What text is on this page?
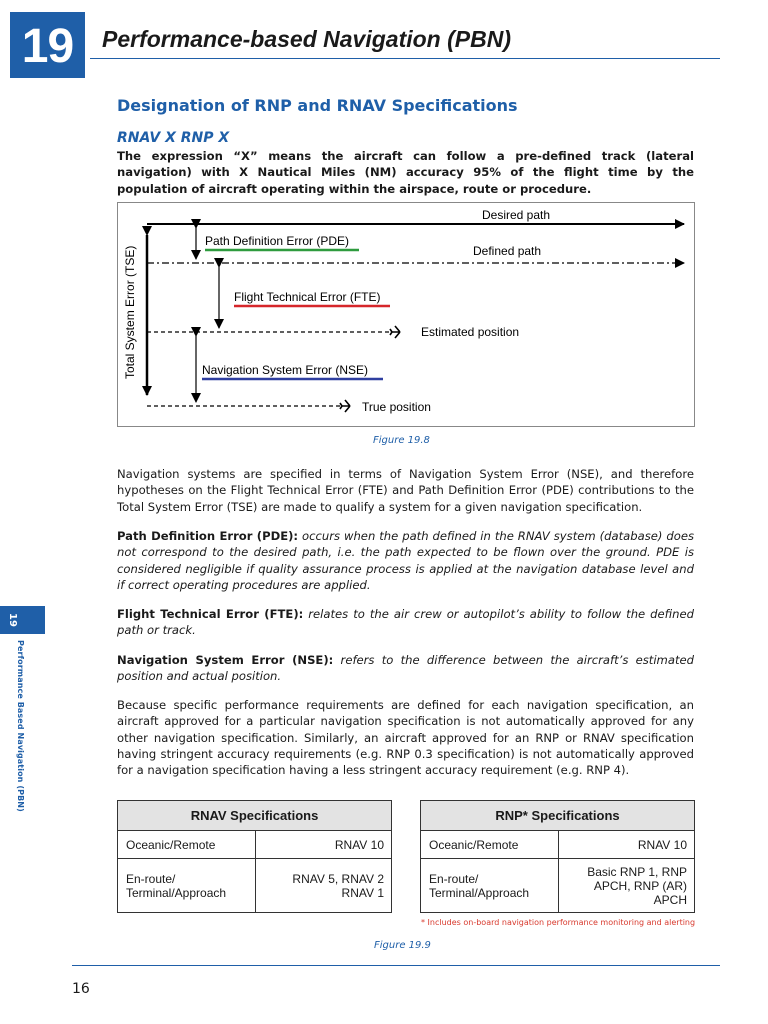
19	Performance-based Navigation (PBN)
19
Performance Based Navigation (PBN)
Designation of RNP and RNAV Specifications
RNAV X RNP X
The expression “X” means the aircraft can follow a pre-defined track (lateral navigation) with X Nautical Miles (NM) accuracy 95% of the flight time by the population of aircraft operating within the airspace, route or procedure.
Desired path
Defined path
Estimated position
True position
Total System Error (TSE)
Path Definition Error (PDE)
Flight Technical Error (FTE)
Navigation System Error (NSE)
Figure 19.8
Navigation systems are specified in terms of Navigation System Error (NSE), and therefore hypotheses on the Flight Technical Error (FTE) and Path Definition Error (PDE) contributions to the Total System Error (TSE) are made to qualify a system for a given navigation specification.
Path Definition Error (PDE): occurs when the path defined in the RNAV system (database) does not correspond to the desired path, i.e. the path expected to be flown over the ground. PDE is considered negligible if quality assurance process is applied at the navigation database level and if correct operating procedures are applied.
Flight Technical Error (FTE): relates to the air crew or autopilot’s ability to follow the defined path or track.
Navigation System Error (NSE): refers to the difference between the aircraft’s estimated position and actual position.
Because specific performance requirements are defined for each navigation specification, an aircraft approved for a particular navigation specification is not automatically approved for any other navigation specification. Similarly, an aircraft approved for an RNP or RNAV specification having stringent accuracy requirements (e.g. RNP 0.3 specification) is not automatically approved for a navigation specification having a less stringent accuracy requirement (e.g. RNP 4).
RNAV Specifications	
Oceanic/Remote	RNAV 10
En-route/
Terminal/Approach	RNAV 5, RNAV 2
RNAV 1
RNP* Specifications	
Oceanic/Remote	RNAV 10
En-route/
Terminal/Approach	Basic RNP 1, RNP
APCH, RNP (AR)
APCH
* Includes on-board navigation performance monitoring and alerting
Figure 19.9
16
